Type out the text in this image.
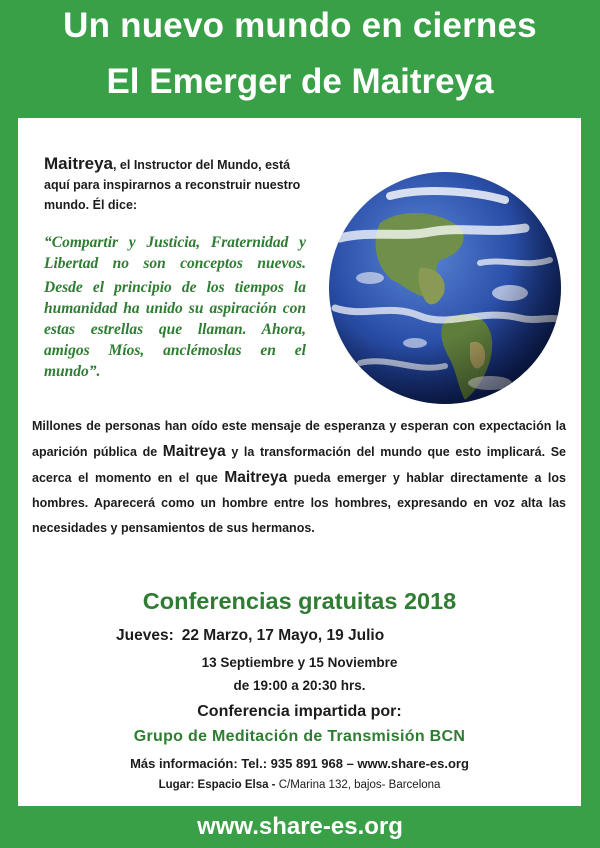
Un nuevo mundo en ciernes
El Emerger de Maitreya
Maitreya, el Instructor del Mundo, está aquí para inspirarnos a reconstruir nuestro mundo. Él dice:

“Compartir y Justicia, Fraternidad y Libertad no son conceptos nuevos.

Desde el principio de los tiempos la humanidad ha unido su aspiración con estas estrellas que llaman. Ahora, amigos Míos, anclémoslas en el mundo”.

Millones de personas han oído este mensaje de esperanza y esperan con expectación la aparición pública de Maitreya y la transformación del mundo que esto implicará. Se acerca el momento en el que Maitreya pueda emerger y hablar directamente a los hombres. Aparecerá como un hombre entre los hombres, expresando en voz alta las necesidades y pensamientos de sus hermanos.
Conferencias gratuitas 2018
Jueves: 22 Marzo, 17 Mayo, 19 Julio
13 Septiembre y 15 Noviembre
de 19:00 a 20:30 hrs.
Conferencia impartida por:
Grupo de Meditación de Transmisión BCN
Más información: Tel.: 935 891 968 – www.share-es.org
Lugar: Espacio Elsa - C/Marina 132, bajos- Barcelona
www.share-es.org
